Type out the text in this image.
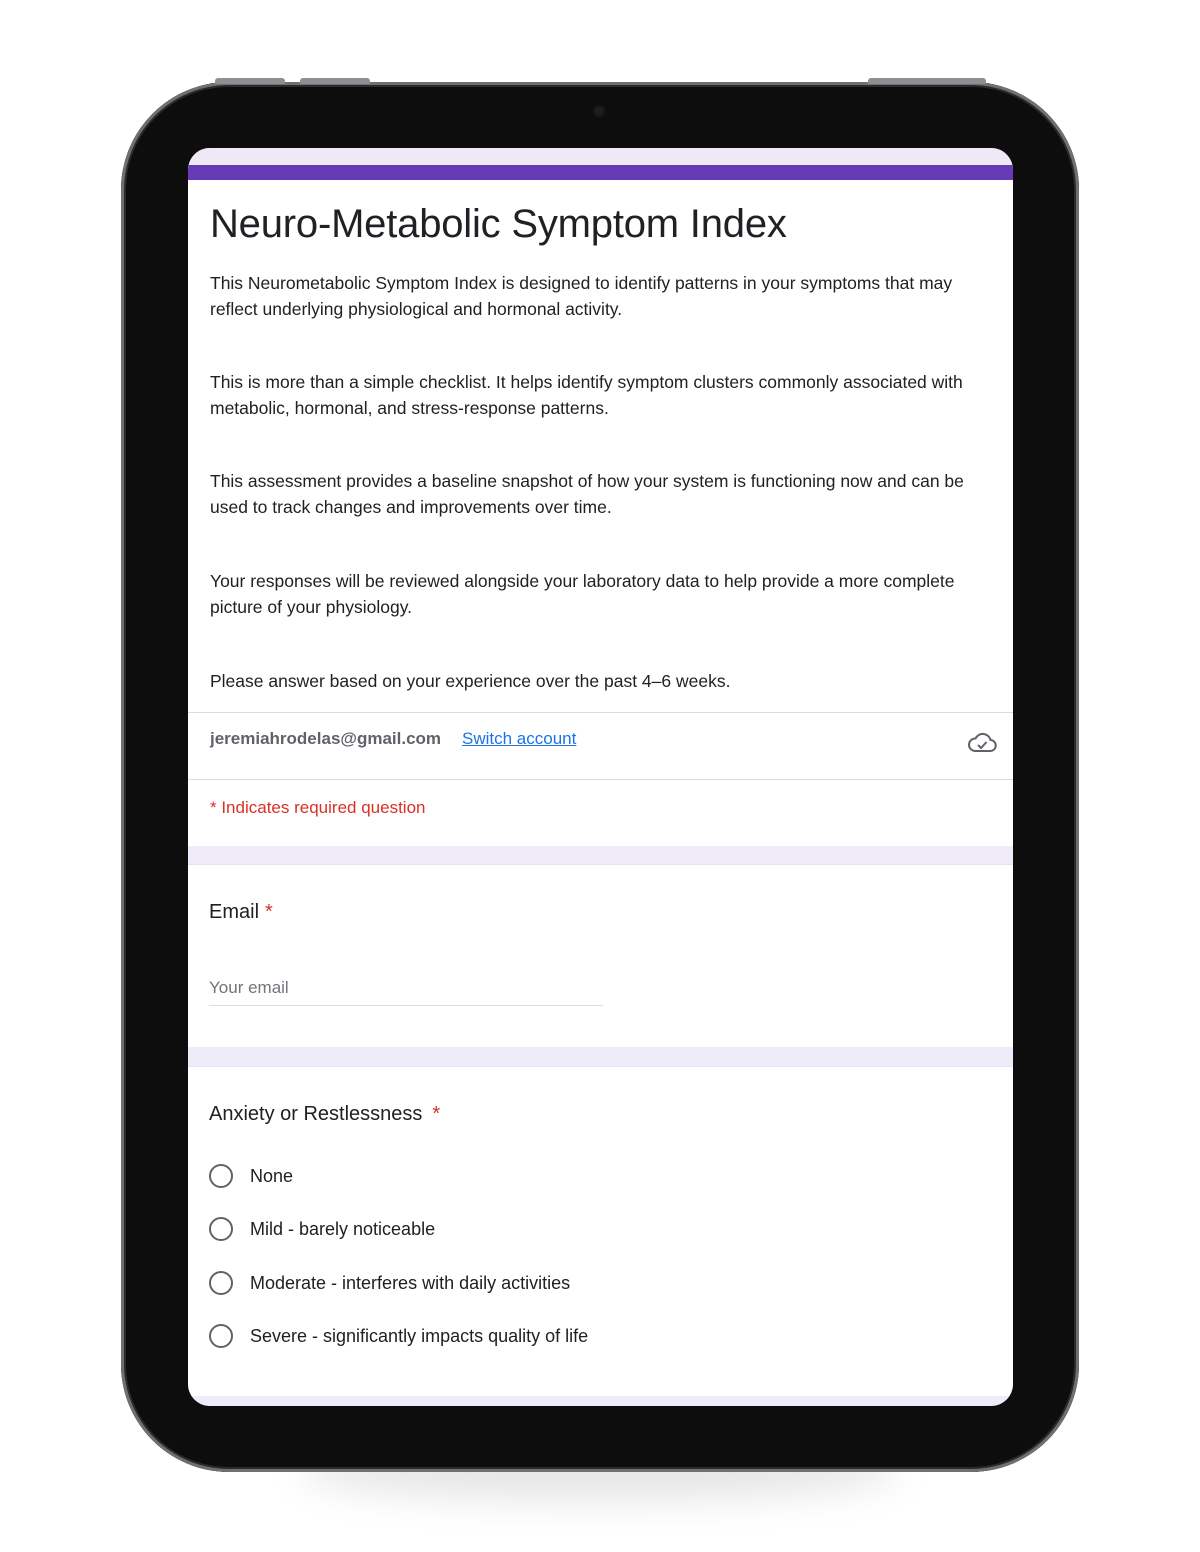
Neuro-Metabolic Symptom Index

This Neurometabolic Symptom Index is designed to identify patterns in your symptoms that may reflect underlying physiological and hormonal activity.

This is more than a simple checklist. It helps identify symptom clusters commonly associated with metabolic, hormonal, and stress-response patterns.

This assessment provides a baseline snapshot of how your system is functioning now and can be used to track changes and improvements over time.

Your responses will be reviewed alongside your laboratory data to help provide a more complete picture of your physiology.

Please answer based on your experience over the past 4–6 weeks.

jeremiahrodelas@gmail.com Switch account
* Indicates required question
Email *
Your email
Anxiety or Restlessness *
None
Mild - barely noticeable
Moderate - interferes with daily activities
Severe - significantly impacts quality of life
